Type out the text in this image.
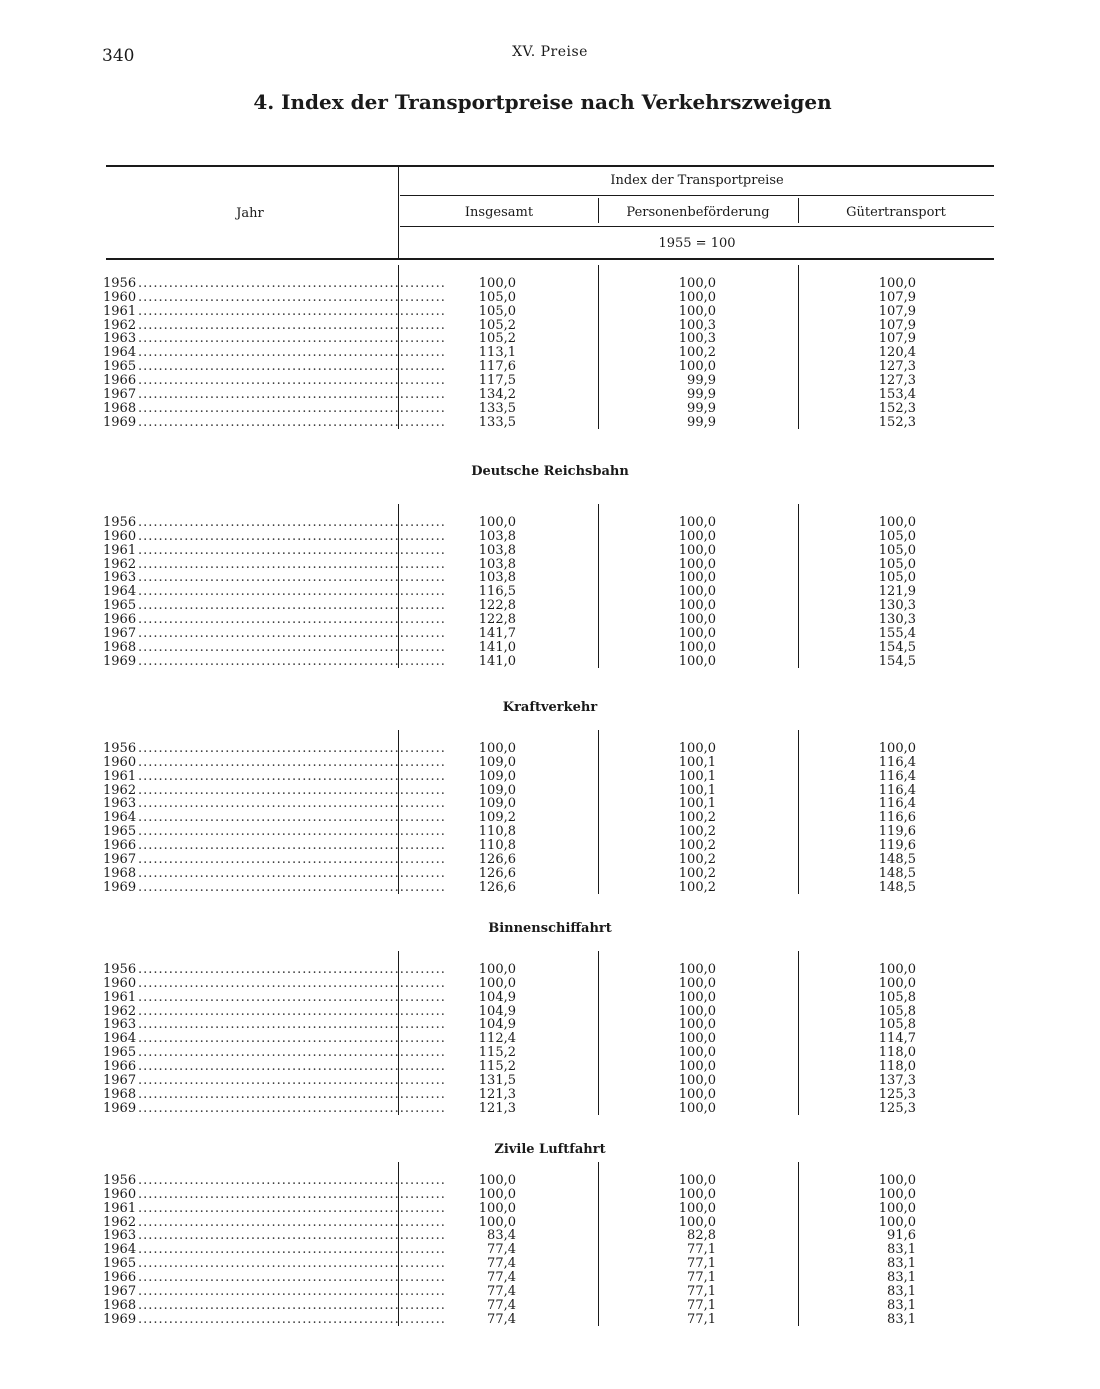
340	XV. Preise
4. Index der Transportpreise nach Verkehrszweigen
Jahr
Index der Transportpreise
Insgesamt	Personenbeförderung	Gütertransport
1955 = 100
1956 ............................................................	100,0	100,0	100,0
1960 ............................................................	105,0	100,0	107,9
1961 ............................................................	105,0	100,0	107,9
1962 ............................................................	105,2	100,3	107,9
1963 ............................................................	105,2	100,3	107,9
1964 ............................................................	113,1	100,2	120,4
1965 ............................................................	117,6	100,0	127,3
1966 ............................................................	117,5	99,9	127,3
1967 ............................................................	134,2	99,9	153,4
1968 ............................................................	133,5	99,9	152,3
1969 ............................................................	133,5	99,9	152,3
Deutsche Reichsbahn
1956 ............................................................	100,0	100,0	100,0
1960 ............................................................	103,8	100,0	105,0
1961 ............................................................	103,8	100,0	105,0
1962 ............................................................	103,8	100,0	105,0
1963 ............................................................	103,8	100,0	105,0
1964 ............................................................	116,5	100,0	121,9
1965 ............................................................	122,8	100,0	130,3
1966 ............................................................	122,8	100,0	130,3
1967 ............................................................	141,7	100,0	155,4
1968 ............................................................	141,0	100,0	154,5
1969 ............................................................	141,0	100,0	154,5
Kraftverkehr
1956 ............................................................	100,0	100,0	100,0
1960 ............................................................	109,0	100,1	116,4
1961 ............................................................	109,0	100,1	116,4
1962 ............................................................	109,0	100,1	116,4
1963 ............................................................	109,0	100,1	116,4
1964 ............................................................	109,2	100,2	116,6
1965 ............................................................	110,8	100,2	119,6
1966 ............................................................	110,8	100,2	119,6
1967 ............................................................	126,6	100,2	148,5
1968 ............................................................	126,6	100,2	148,5
1969 ............................................................	126,6	100,2	148,5
Binnenschiffahrt
1956 ............................................................	100,0	100,0	100,0
1960 ............................................................	100,0	100,0	100,0
1961 ............................................................	104,9	100,0	105,8
1962 ............................................................	104,9	100,0	105,8
1963 ............................................................	104,9	100,0	105,8
1964 ............................................................	112,4	100,0	114,7
1965 ............................................................	115,2	100,0	118,0
1966 ............................................................	115,2	100,0	118,0
1967 ............................................................	131,5	100,0	137,3
1968 ............................................................	121,3	100,0	125,3
1969 ............................................................	121,3	100,0	125,3
Zivile Luftfahrt
1956 ............................................................	100,0	100,0	100,0
1960 ............................................................	100,0	100,0	100,0
1961 ............................................................	100,0	100,0	100,0
1962 ............................................................	100,0	100,0	100,0
1963 ............................................................	83,4	82,8	91,6
1964 ............................................................	77,4	77,1	83,1
1965 ............................................................	77,4	77,1	83,1
1966 ............................................................	77,4	77,1	83,1
1967 ............................................................	77,4	77,1	83,1
1968 ............................................................	77,4	77,1	83,1
1969 ............................................................	77,4	77,1	83,1
